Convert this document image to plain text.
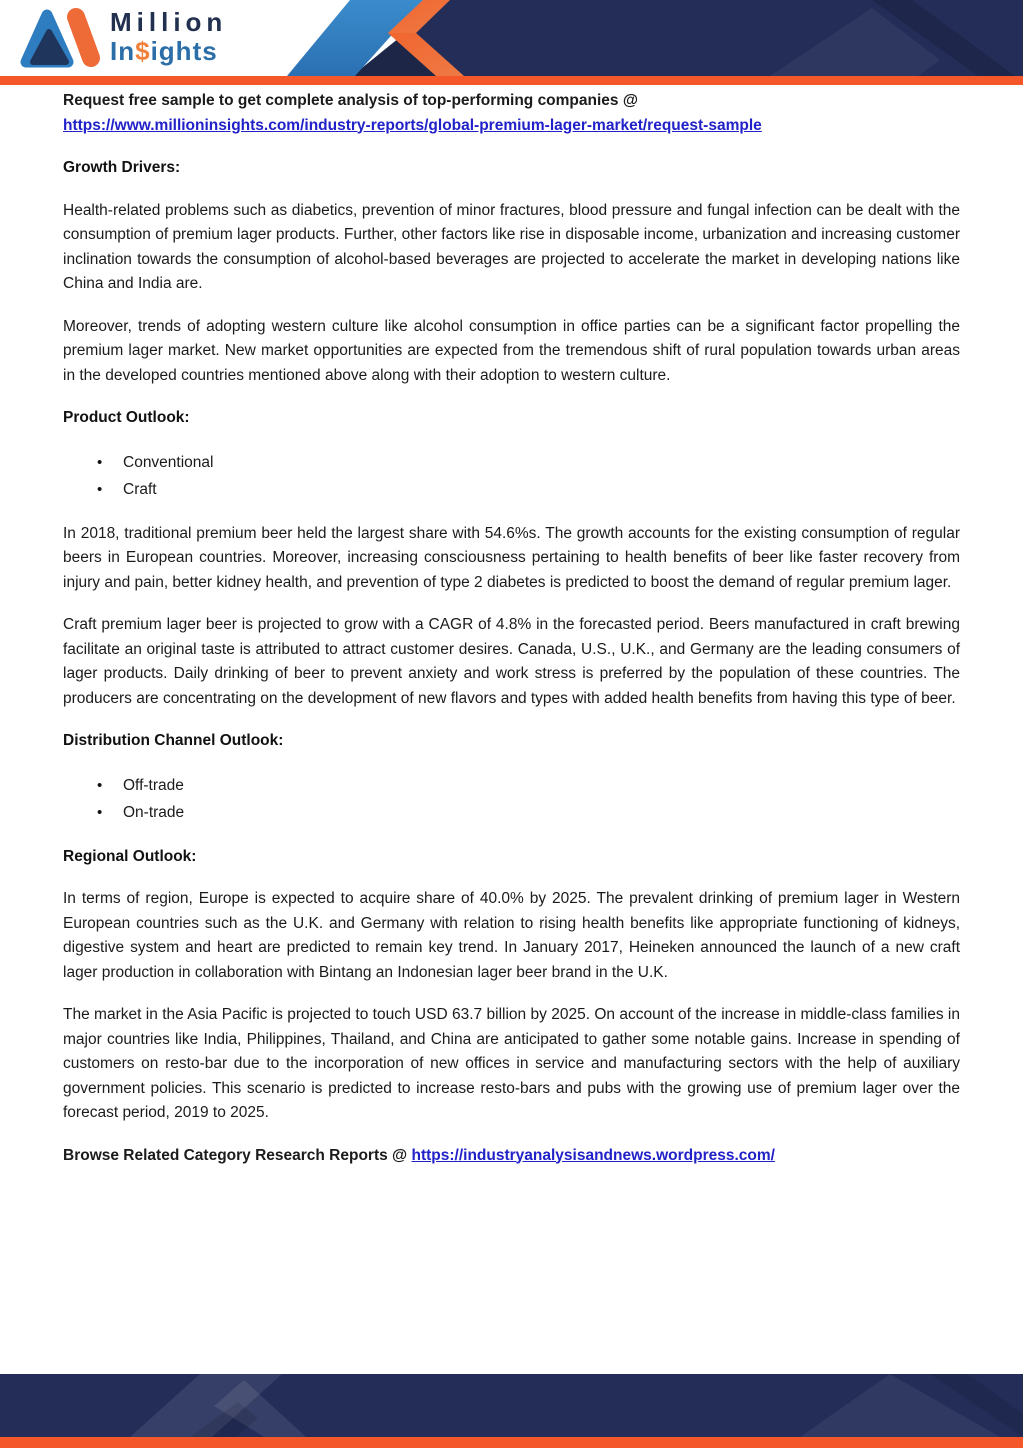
Million
In$ights

Request free sample to get complete analysis of top-performing companies @
https://www.millioninsights.com/industry-reports/global-premium-lager-market/request-sample

Growth Drivers:

Health-related problems such as diabetics, prevention of minor fractures, blood pressure and fungal infection can be dealt with the consumption of premium lager products. Further, other factors like rise in disposable income, urbanization and increasing customer inclination towards the consumption of alcohol-based beverages are projected to accelerate the market in developing nations like China and India are.

Moreover, trends of adopting western culture like alcohol consumption in office parties can be a significant factor propelling the premium lager market. New market opportunities are expected from the tremendous shift of rural population towards urban areas in the developed countries mentioned above along with their adoption to western culture.

Product Outlook:
• Conventional
• Craft

In 2018, traditional premium beer held the largest share with 54.6%s. The growth accounts for the existing consumption of regular beers in European countries. Moreover, increasing consciousness pertaining to health benefits of beer like faster recovery from injury and pain, better kidney health, and prevention of type 2 diabetes is predicted to boost the demand of regular premium lager.

Craft premium lager beer is projected to grow with a CAGR of 4.8% in the forecasted period. Beers manufactured in craft brewing facilitate an original taste is attributed to attract customer desires. Canada, U.S., U.K., and Germany are the leading consumers of lager products. Daily drinking of beer to prevent anxiety and work stress is preferred by the population of these countries. The producers are concentrating on the development of new flavors and types with added health benefits from having this type of beer.

Distribution Channel Outlook:
• Off-trade
• On-trade
Regional Outlook:

In terms of region, Europe is expected to acquire share of 40.0% by 2025. The prevalent drinking of premium lager in Western European countries such as the U.K. and Germany with relation to rising health benefits like appropriate functioning of kidneys, digestive system and heart are predicted to remain key trend. In January 2017, Heineken announced the launch of a new craft lager production in collaboration with Bintang an Indonesian lager beer brand in the U.K.

The market in the Asia Pacific is projected to touch USD 63.7 billion by 2025. On account of the increase in middle-class families in major countries like India, Philippines, Thailand, and China are anticipated to gather some notable gains. Increase in spending of customers on resto-bar due to the incorporation of new offices in service and manufacturing sectors with the help of auxiliary government policies. This scenario is predicted to increase resto-bars and pubs with the growing use of premium lager over the forecast period, 2019 to 2025.

Browse Related Category Research Reports @ https://industryanalysisandnews.wordpress.com/
